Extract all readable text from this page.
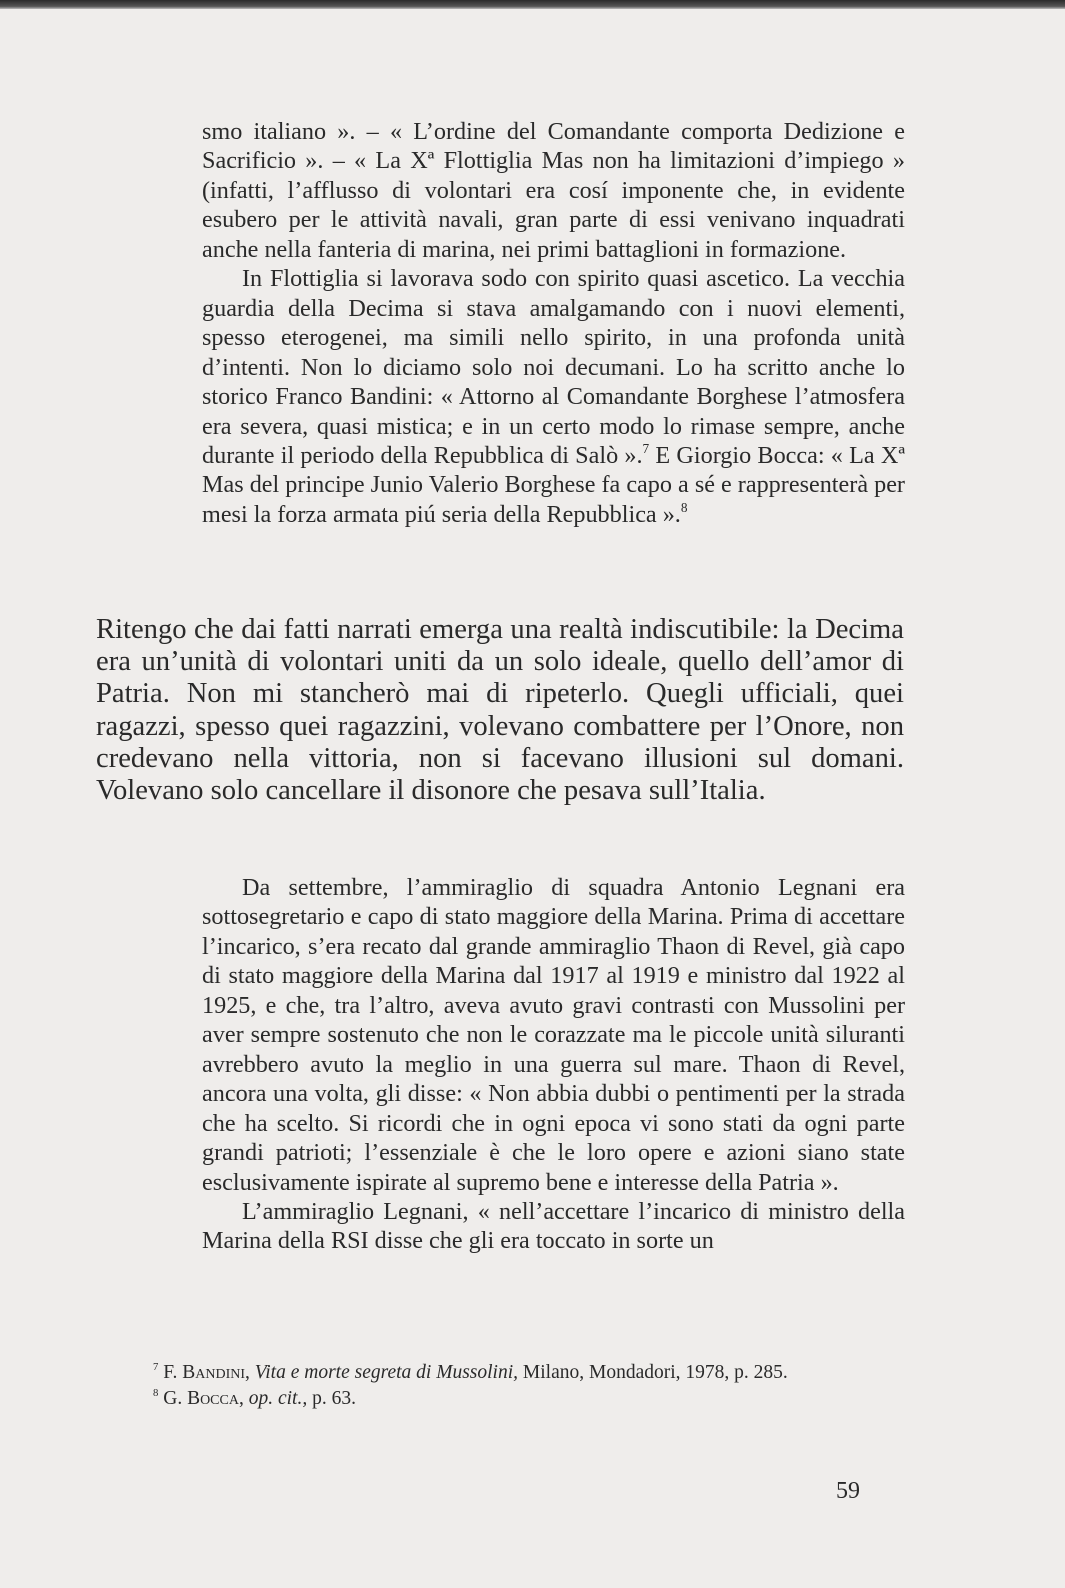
smo italiano ». – « L’ordine del Comandante comporta Dedizione e Sacrificio ». – « La Xª Flottiglia Mas non ha limitazioni d’impiego » (infatti, l’afflusso di volontari era cosí imponente che, in evidente esubero per le attività navali, gran parte di essi venivano inquadrati anche nella fanteria di marina, nei primi battaglioni in formazione.

In Flottiglia si lavorava sodo con spirito quasi ascetico. La vecchia guardia della Decima si stava amalgamando con i nuovi elementi, spesso eterogenei, ma simili nello spirito, in una profonda unità d’intenti. Non lo diciamo solo noi decumani. Lo ha scritto anche lo storico Franco Bandini: « Attorno al Comandante Borghese l’atmosfera era severa, quasi mistica; e in un certo modo lo rimase sempre, anche durante il periodo della Repubblica di Salò ».$^7$ E Giorgio Bocca: « La Xª Mas del principe Junio Valerio Borghese fa capo a sé e rappresenterà per mesi la forza armata piú seria della Repubblica ».$^8$

Ritengo che dai fatti narrati emerga una realtà indiscutibile: la Decima era un’unità di volontari uniti da un solo ideale, quello dell’amor di Patria. Non mi stancherò mai di ripeterlo. Quegli ufficiali, quei ragazzi, spesso quei ragazzini, volevano combattere per l’Onore, non credevano nella vittoria, non si facevano illusioni sul domani. Volevano solo cancellare il disonore che pesava sull’Italia.

Da settembre, l’ammiraglio di squadra Antonio Legnani era sottosegretario e capo di stato maggiore della Marina. Prima di accettare l’incarico, s’era recato dal grande ammiraglio Thaon di Revel, già capo di stato maggiore della Marina dal 1917 al 1919 e ministro dal 1922 al 1925, e che, tra l’altro, aveva avuto gravi contrasti con Mussolini per aver sempre sostenuto che non le corazzate ma le piccole unità siluranti avrebbero avuto la meglio in una guerra sul mare. Thaon di Revel, ancora una volta, gli disse: « Non abbia dubbi o pentimenti per la strada che ha scelto. Si ricordi che in ogni epoca vi sono stati da ogni parte grandi patrioti; l’essenziale è che le loro opere e azioni siano state esclusivamente ispirate al supremo bene e interesse della Patria ».

L’ammiraglio Legnani, « nell’accettare l’incarico di ministro della Marina della RSI disse che gli era toccato in sorte un

$^7$ F. Bandini, Vita e morte segreta di Mussolini, Milano, Mondadori, 1978, p. 285.

$^8$ G. Bocca, op. cit., p. 63.

59
